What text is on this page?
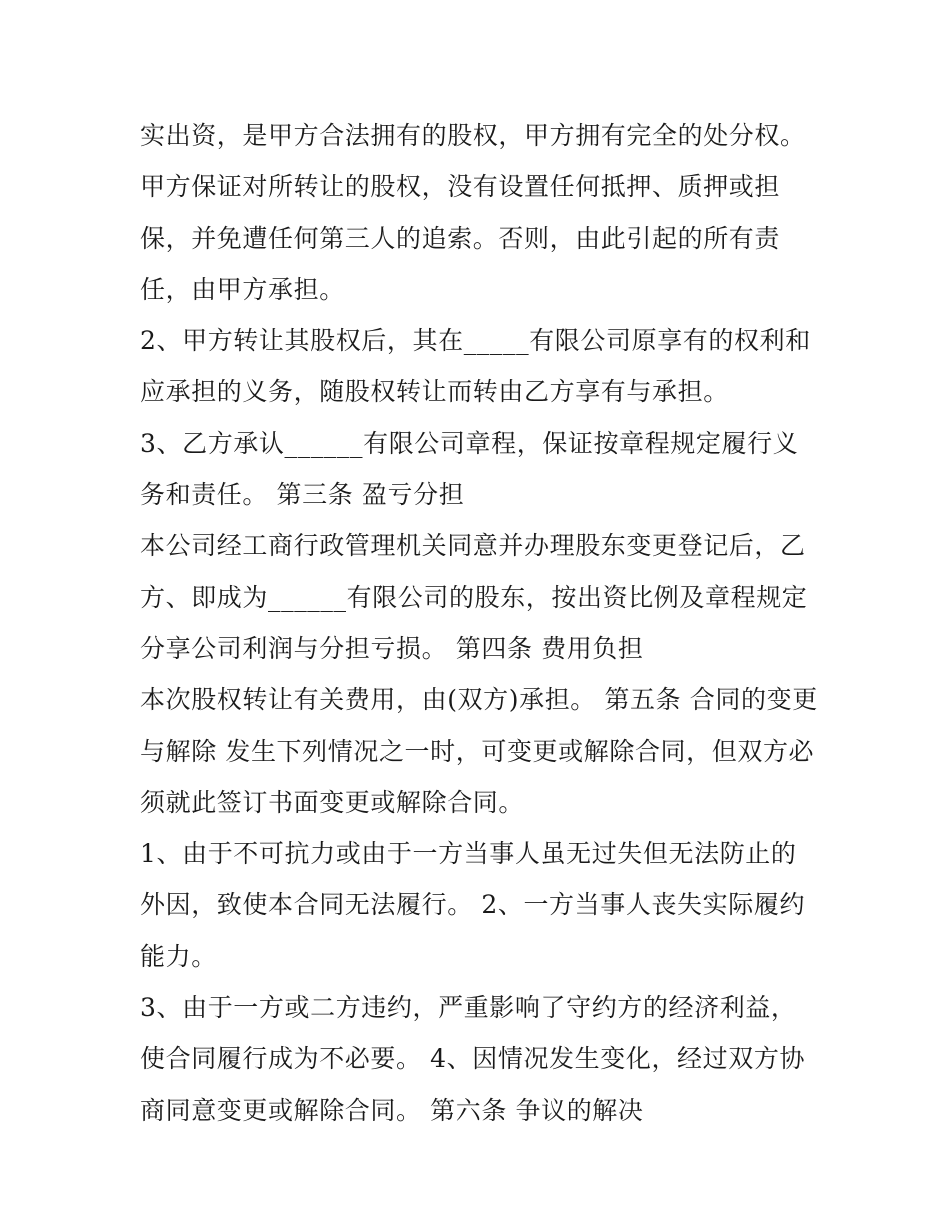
实出资，是甲方合法拥有的股权，甲方拥有完全的处分权。甲方保证对所转让的股权，没有设置任何抵押、质押或担保，并免遭任何第三人的追索。否则，由此引起的所有责任，由甲方承担。

2、甲方转让其股权后，其在_____有限公司原享有的权利和应承担的义务，随股权转让而转由乙方享有与承担。

3、乙方承认______有限公司章程，保证按章程规定履行义务和责任。 第三条 盈亏分担

本公司经工商行政管理机关同意并办理股东变更登记后，乙方、即成为______有限公司的股东，按出资比例及章程规定分享公司利润与分担亏损。 第四条 费用负担

本次股权转让有关费用，由(双方)承担。 第五条 合同的变更与解除 发生下列情况之一时，可变更或解除合同，但双方必须就此签订书面变更或解除合同。

1、由于不可抗力或由于一方当事人虽无过失但无法防止的外因，致使本合同无法履行。 2、一方当事人丧失实际履约能力。

3、由于一方或二方违约，严重影响了守约方的经济利益，使合同履行成为不必要。 4、因情况发生变化，经过双方协商同意变更或解除合同。 第六条 争议的解决
